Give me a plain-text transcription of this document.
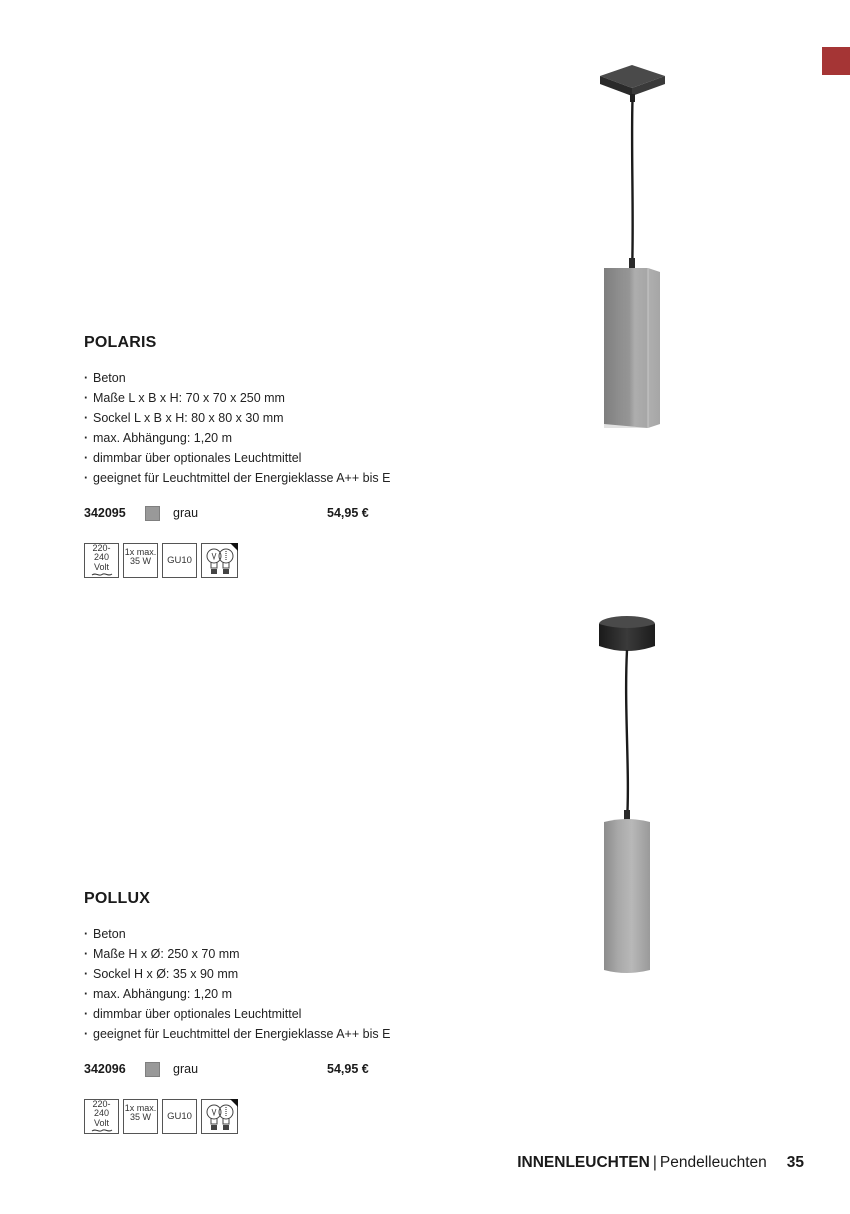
POLARIS
· Beton
· Maße L x B x H: 70 x 70 x 250 mm
· Sockel L x B x H: 80 x 80 x 30 mm
· max. Abhängung: 1,20 m
· dimmbar über optionales Leuchtmittel
· geeignet für Leuchtmittel der Energieklasse A++ bis E
342095	grau	54,95 €
220-240
Volt
1x max.
35 W GU10
POLLUX
· Beton
· Maße H x Ø: 250 x 70 mm
· Sockel H x Ø: 35 x 90 mm
· max. Abhängung: 1,20 m
· dimmbar über optionales Leuchtmittel
· geeignet für Leuchtmittel der Energieklasse A++ bis E
342096	grau	54,95 €
220-240
Volt
1x max.
35 W GU10
INNENLEUCHTEN | Pendelleuchten 35
